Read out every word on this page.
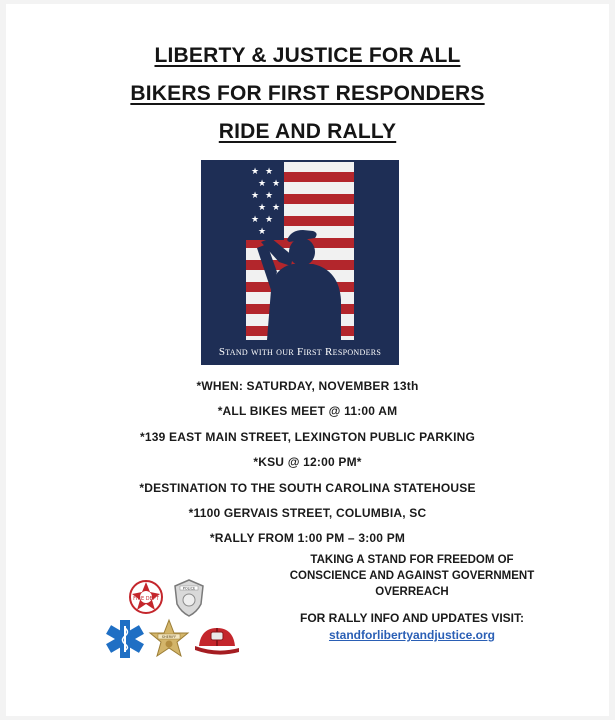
LIBERTY & JUSTICE FOR ALL
BIKERS FOR FIRST RESPONDERS
RIDE AND RALLY
★ ★
★ ★
★ ★
★ ★
★ ★
★
Stand with our First Responders
*WHEN: SATURDAY, NOVEMBER 13th
*ALL BIKES MEET @ 11:00 AM
*139 EAST MAIN STREET, LEXINGTON PUBLIC PARKING
*KSU @ 12:00 PM*
*DESTINATION TO THE SOUTH CAROLINA STATEHOUSE
*1100 GERVAIS STREET, COLUMBIA, SC
*RALLY FROM 1:00 PM – 3:00 PM
TAKING A STAND FOR FREEDOM OF
CONSCIENCE AND AGAINST GOVERNMENT
OVERREACH
FOR RALLY INFO AND UPDATES VISIT:
standforlibertyandjustice.org
FIRE DEPT
POLICE
SHERIFF
